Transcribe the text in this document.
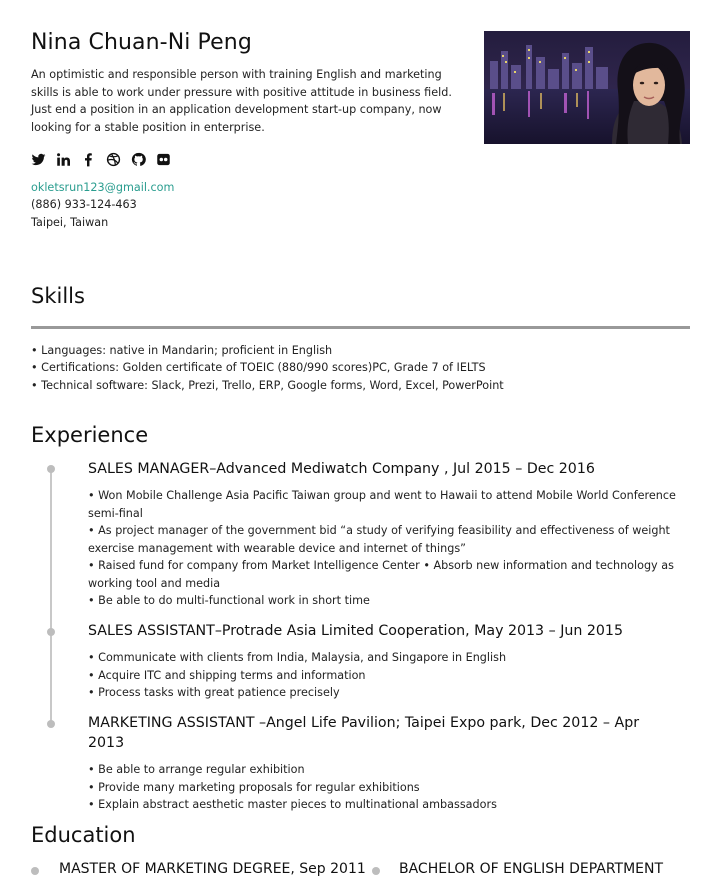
Nina Chuan-Ni Peng
An optimistic and responsible person with training English and marketing skills is able to work under pressure with positive attitude in business field. Just end a position in an application development start-up company, now looking for a stable position in enterprise.
okletsrun123@gmail.com
(886) 933-124-463
Taipei, Taiwan
Skills
• Languages: native in Mandarin; proficient in English
• Certifications: Golden certificate of TOEIC (880/990 scores)PC, Grade 7 of IELTS
• Technical software: Slack, Prezi, Trello, ERP, Google forms, Word, Excel, PowerPoint
Experience
SALES MANAGER–Advanced Mediwatch Company , Jul 2015 – Dec 2016
• Won Mobile Challenge Asia Pacific Taiwan group and went to Hawaii to attend Mobile World Conference semi-final
• As project manager of the government bid “a study of verifying feasibility and effectiveness of weight exercise management with wearable device and internet of things”
• Raised fund for company from Market Intelligence Center • Absorb new information and technology as working tool and media
• Be able to do multi-functional work in short time
SALES ASSISTANT–Protrade Asia Limited Cooperation, May 2013 – Jun 2015
• Communicate with clients from India, Malaysia, and Singapore in English
• Acquire ITC and shipping terms and information
• Process tasks with great patience precisely
MARKETING ASSISTANT –Angel Life Pavilion; Taipei Expo park, Dec 2012 – Apr 2013
• Be able to arrange regular exhibition
• Provide many marketing proposals for regular exhibitions
• Explain abstract aesthetic master pieces to multinational ambassadors
Education
MASTER OF MARKETING DEGREE, Sep 2011 BACHELOR OF ENGLISH DEPARTMENT
